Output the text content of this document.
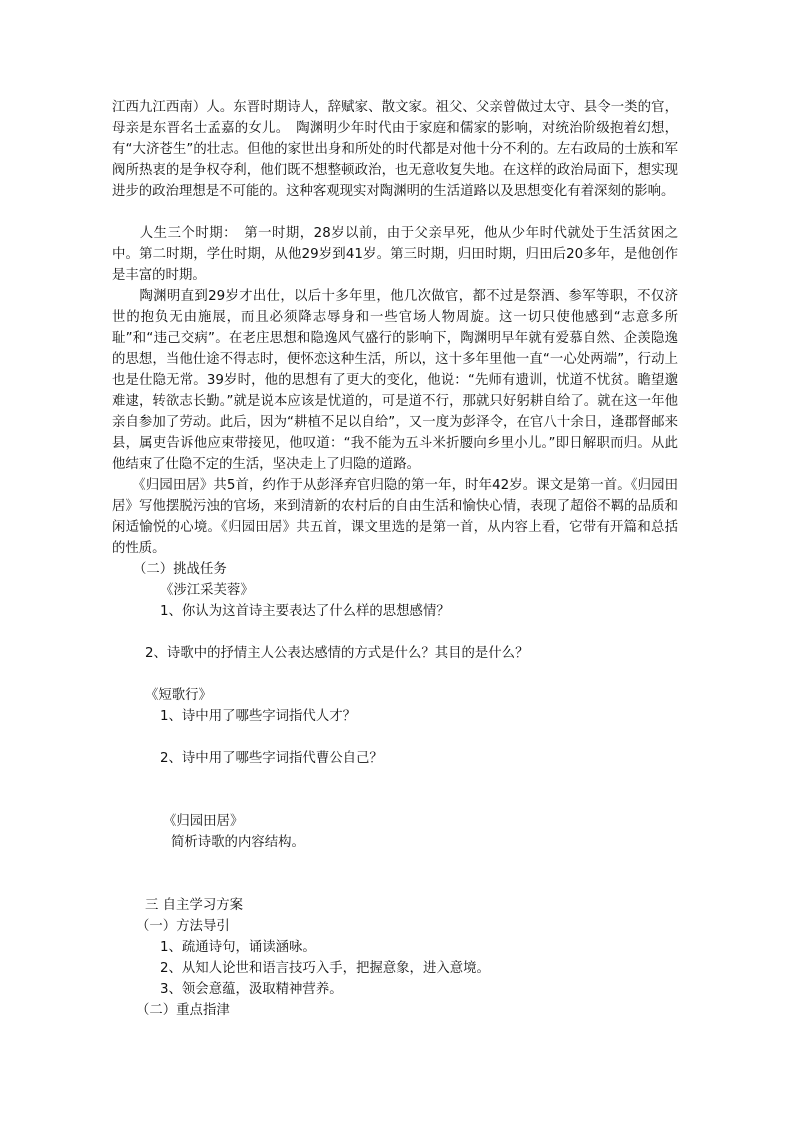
江西九江西南）人。东晋时期诗人，辞赋家、散文家。祖父、父亲曾做过太守、县令一类的官，母亲是东晋名士孟嘉的女儿。　陶渊明少年时代由于家庭和儒家的影响，对统治阶级抱着幻想，有“大济苍生”的壮志。但他的家世出身和所处的时代都是对他十分不利的。左右政局的士族和军阀所热衷的是争权夺利，他们既不想整顿政治，也无意收复失地。在这样的政治局面下，想实现进步的政治理想是不可能的。这种客观现实对陶渊明的生活道路以及思想变化有着深刻的影响。

　　人生三个时期：　第一时期，28岁以前，由于父亲早死，他从少年时代就处于生活贫困之中。第二时期，学仕时期，从他29岁到41岁。第三时期，归田时期，归田后20多年，是他创作是丰富的时期。

　　陶渊明直到29岁才出仕，以后十多年里，他几次做官，都不过是祭酒、参军等职，不仅济世的抱负无由施展，而且必须降志辱身和一些官场人物周旋。这一切只使他感到“志意多所耻”和“违己交病”。在老庄思想和隐逸风气盛行的影响下，陶渊明早年就有爱慕自然、企羡隐逸的思想，当他仕途不得志时，便怀恋这种生活，所以，这十多年里他一直“一心处两端”，行动上也是仕隐无常。39岁时，他的思想有了更大的变化，他说：“先师有遗训，忧道不忧贫。瞻望邈难逮，转欲志长勤。”就是说本应该是忧道的，可是道不行，那就只好躬耕自给了。就在这一年他亲自参加了劳动。此后，因为“耕植不足以自给”，又一度为彭泽令，在官八十余日，逢郡督邮来县，属吏告诉他应束带接见，他叹道：“我不能为五斗米折腰向乡里小儿。”即日解职而归。从此他结束了仕隐不定的生活，坚决走上了归隐的道路。

　　《归园田居》共5首，约作于从彭泽弃官归隐的第一年，时年42岁。课文是第一首。《归园田居》写他摆脱污浊的官场，来到清新的农村后的自由生活和愉快心情，表现了超俗不羁的品质和闲适愉悦的心境。《归园田居》共五首，课文里选的是第一首，从内容上看，它带有开篇和总括的性质。

（二）挑战任务

《涉江采芙蓉》

1、你认为这首诗主要表达了什么样的思想感情？

2、诗歌中的抒情主人公表达感情的方式是什么？其目的是什么？

《短歌行》

1、诗中用了哪些字词指代人才？

2、诗中用了哪些字词指代曹公自己？

《归园田居》

简析诗歌的内容结构。

三 自主学习方案

（一）方法导引

1、疏通诗句，诵读涵咏。

2、从知人论世和语言技巧入手，把握意象，进入意境。

3、领会意蕴，汲取精神营养。

（二）重点指津
